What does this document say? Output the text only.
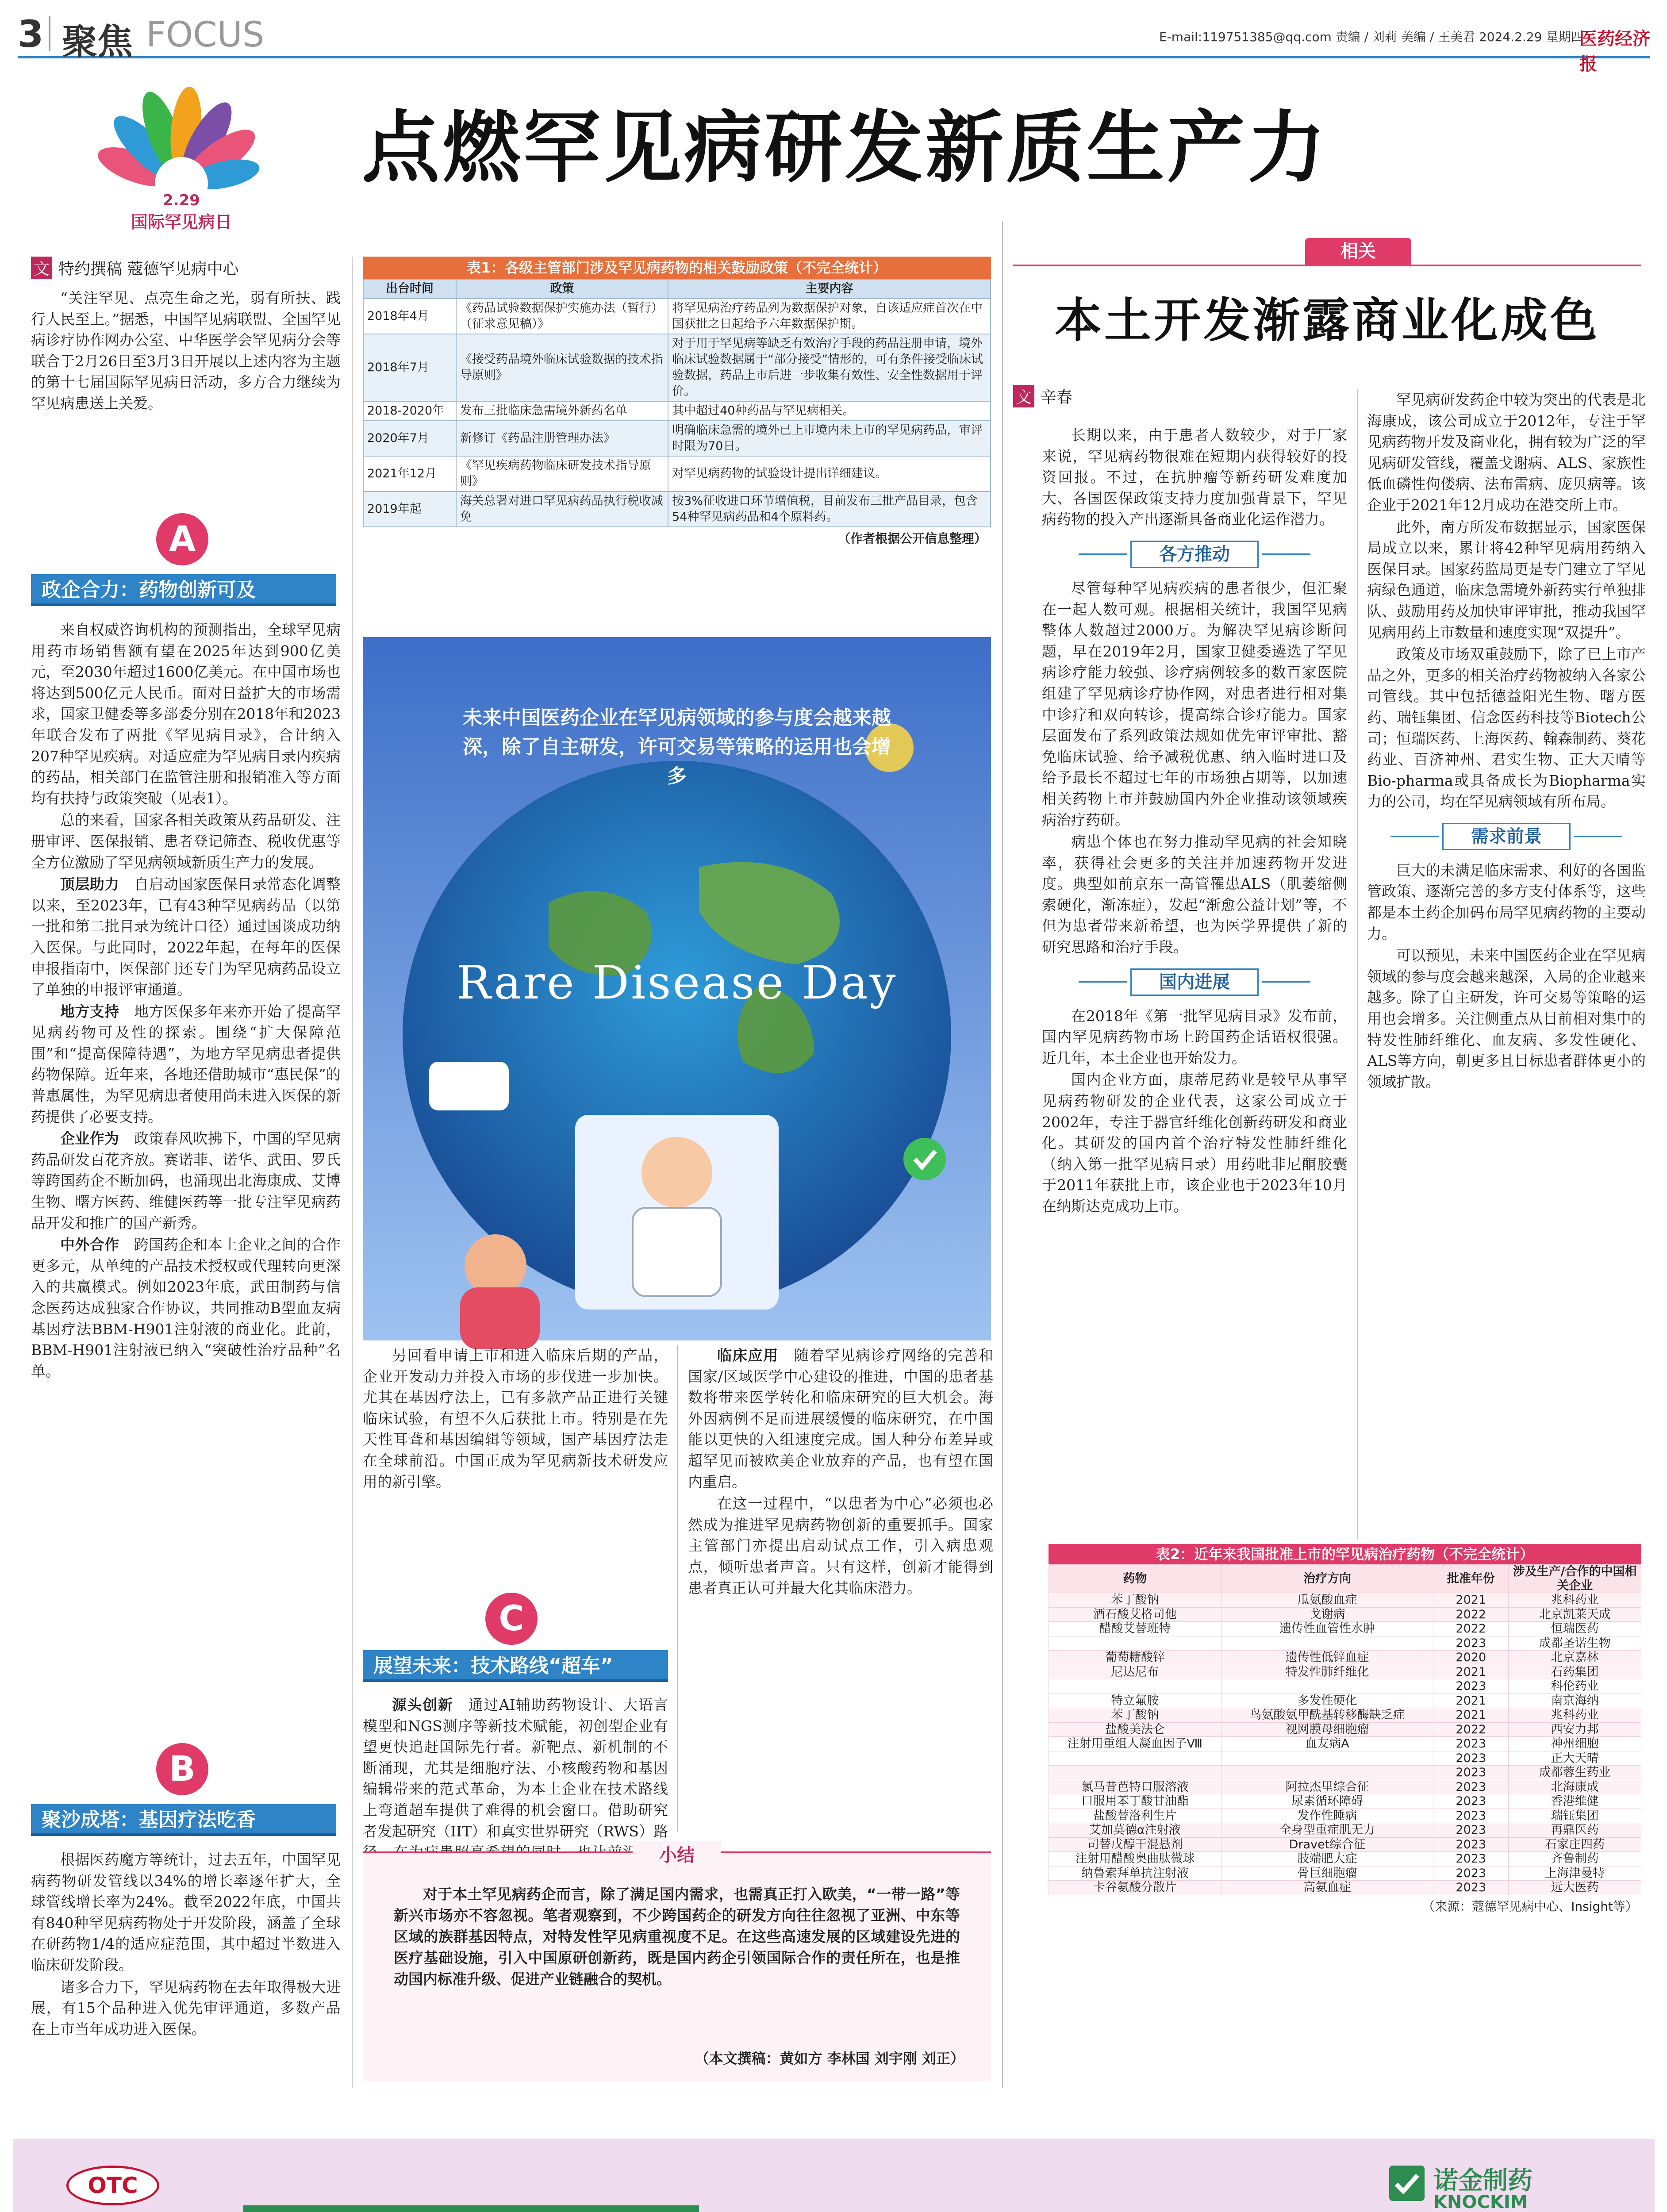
3 聚焦 FOCUS	E-mail:119751385@qq.com 责编 / 刘莉 美编 / 王美君 2024.2.29 星期四
医药经济报
2.29
国际罕见病日
点燃罕见病研发新质生产力
文 特约撰稿 蔻德罕见病中心

“关注罕见、点亮生命之光，弱有所扶、践行人民至上。”据悉，中国罕见病联盟、全国罕见病诊疗协作网办公室、中华医学会罕见病分会等联合于2月26日至3月3日开展以上述内容为主题的第十七届国际罕见病日活动，多方合力继续为罕见病患送上关爱。

A
政企合力：药物创新可及

来自权威咨询机构的预测指出，全球罕见病用药市场销售额有望在2025年达到900亿美元，至2030年超过1600亿美元。在中国市场也将达到500亿元人民币。面对日益扩大的市场需求，国家卫健委等多部委分别在2018年和2023年联合发布了两批《罕见病目录》，合计纳入207种罕见疾病。对适应症为罕见病目录内疾病的药品，相关部门在监管注册和报销准入等方面均有扶持与政策突破（见表1）。

总的来看，国家各相关政策从药品研发、注册审评、医保报销、患者登记筛查、税收优惠等全方位激励了罕见病领域新质生产力的发展。

顶层助力　 自启动国家医保目录常态化调整以来，至2023年，已有43种罕见病药品（以第一批和第二批目录为统计口径）通过国谈成功纳入医保。与此同时，2022年起，在每年的医保申报指南中，医保部门还专门为罕见病药品设立了单独的申报评审通道。

地方支持　 地方医保多年来亦开始了提高罕见病药物可及性的探索。围绕“扩大保障范围”和“提高保障待遇”，为地方罕见病患者提供药物保障。近年来，各地还借助城市“惠民保”的普惠属性，为罕见病患者使用尚未进入医保的新药提供了必要支持。

企业作为　 政策春风吹拂下，中国的罕见病药品研发百花齐放。赛诺菲、诺华、武田、罗氏等跨国药企不断加码，也涌现出北海康成、艾博生物、曙方医药、维健医药等一批专注罕见病药品开发和推广的国产新秀。

中外合作　 跨国药企和本土企业之间的合作更多元，从单纯的产品技术授权或代理转向更深入的共赢模式。例如2023年底，武田制药与信念医药达成独家合作协议，共同推动B型血友病基因疗法BBM-H901注射液的商业化。此前，BBM-H901注射液已纳入“突破性治疗品种”名单。

B
聚沙成塔：基因疗法吃香

根据医药魔方等统计，过去五年，中国罕见病药物研发管线以34%的增长率逐年扩大，全球管线增长率为24%。截至2022年底，中国共有840种罕见病药物处于开发阶段，涵盖了全球在研药物1/4的适应症范围，其中超过半数进入临床研发阶段。

诸多合力下，罕见病药物在去年取得极大进展，有15个品种进入优先审评通道，多数产品在上市当年成功进入医保。

表1：各级主管部门涉及罕见病药物的相关鼓励政策（不完全统计）
出台时间	政策	主要内容
2018年4月	《药品试验数据保护实施办法（暂行）（征求意见稿）》	将罕见病治疗药品列为数据保护对象，自该适应症首次在中国获批之日起给予六年数据保护期。
2018年7月	《接受药品境外临床试验数据的技术指导原则》	对于用于罕见病等缺乏有效治疗手段的药品注册申请，境外临床试验数据属于“部分接受”情形的，可有条件接受临床试验数据，药品上市后进一步收集有效性、安全性数据用于评价。
2018-2020年	发布三批临床急需境外新药名单	其中超过40种药品与罕见病相关。
2020年7月	新修订《药品注册管理办法》	明确临床急需的境外已上市境内未上市的罕见病药品，审评时限为70日。
2021年12月	《罕见疾病药物临床研发技术指导原则》	对罕见病药物的试验设计提出详细建议。
2019年起	海关总署对进口罕见病药品执行税收减免	按3%征收进口环节增值税，目前发布三批产品目录，包含54种罕见病药品和4个原料药。
（作者根据公开信息整理）
未来中国医药企业在罕见病领域的参与度会越来越深，除了自主研发，许可交易等策略的运用也会增多
Rare Disease Day

另回看申请上市和进入临床后期的产品，企业开发动力并投入市场的步伐进一步加快。尤其在基因疗法上，已有多款产品正进行关键临床试验，有望不久后获批上市。特别是在先天性耳聋和基因编辑等领域，国产基因疗法走在全球前沿。中国正成为罕见病新技术研发应用的新引擎。

C
展望未来：技术路线“超车”

源头创新　 通过AI辅助药物设计、大语言模型和NGS测序等新技术赋能，初创型企业有望更快追赶国际先行者。新靶点、新机制的不断涌现，尤其是细胞疗法、小核酸药物和基因编辑带来的范式革命，为本土企业在技术路线上弯道超车提供了难得的机会窗口。借助研究者发起研究（IIT）和真实世界研究（RWS）路

临床应用　 随着罕见病诊疗网络的完善和国家/区域医学中心建设的推进，中国的患者基数将带来医学转化和临床研究的巨大机会。海外因病例不足而进展缓慢的临床研究，在中国能以更快的入组速度完成。国人种分布差异或超罕见而被欧美企业放弃的产品，也有望在国内重启。

在这一过程中，“以患者为中心”必须也必然成为推进罕见病药物创新的重要抓手。国家主管部门亦提出启动试点工作，引入病患观点，倾听患者声音。只有这样，创新才能得到患者真正认可并最大化其临床潜力。

小结
对于本土罕见病药企而言，除了满足国内需求，也需真正打入欧美，“一带一路”等新兴市场亦不容忽视。笔者观察到，不少跨国药企的研发方向往往忽视了亚洲、中东等区域的族群基因特点，对特发性罕见病重视度不足。在这些高速发展的区域建设先进的医疗基础设施，引入中国原研创新药，既是国内药企引领国际合作的责任所在，也是推动国内标准升级、促进产业链融合的契机。
（本文撰稿：黄如方 李林国 刘宇刚 刘正）
相关
本土开发渐露商业化成色
文 辛春

长期以来，由于患者人数较少，对于厂家来说，罕见病药物很难在短期内获得较好的投资回报。不过，在抗肿瘤等新药研发难度加大、各国医保政策支持力度加强背景下，罕见病药物的投入产出逐渐具备商业化运作潜力。

各方推动

尽管每种罕见病疾病的患者很少，但汇聚在一起人数可观。根据相关统计，我国罕见病整体人数超过2000万。为解决罕见病诊断问题，早在2019年2月，国家卫健委遴选了罕见病诊疗能力较强、诊疗病例较多的数百家医院组建了罕见病诊疗协作网，对患者进行相对集中诊疗和双向转诊，提高综合诊疗能力。国家层面发布了系列政策法规如优先审评审批、豁免临床试验、给予减税优惠、纳入临时进口及给予最长不超过七年的市场独占期等，以加速相关药物上市并鼓励国内外企业推动该领域疾病治疗药研。

病患个体也在努力推动罕见病的社会知晓率，获得社会更多的关注并加速药物开发进度。典型如前京东一高管罹患ALS（肌萎缩侧索硬化，渐冻症），发起“渐愈公益计划”等，不但为患者带来新希望，也为医学界提供了新的研究思路和治疗手段。

国内进展

在2018年《第一批罕见病目录》发布前，国内罕见病药物市场上跨国药企话语权很强。近几年，本土企业也开始发力。

国内企业方面，康蒂尼药业是较早从事罕见病药物研发的企业代表，这家公司成立于2002年，专注于器官纤维化创新药研发和商业化。其研发的国内首个治疗特发性肺纤维化（纳入第一批罕见病目录）用药吡非尼酮胶囊于2011年获批上市，该企业也于2023年10月在纳斯达克成功上市。

罕见病研发药企中较为突出的代表是北海康成，该公司成立于2012年，专注于罕见病药物开发及商业化，拥有较为广泛的罕见病研发管线，覆盖戈谢病、ALS、家族性低血磷性佝偻病、法布雷病、庞贝病等。该企业于2021年12月成功在港交所上市。

此外，南方所发布数据显示，国家医保局成立以来，累计将42种罕见病用药纳入医保目录。国家药监局更是专门建立了罕见病绿色通道，临床急需境外新药实行单独排队、鼓励用药及加快审评审批，推动我国罕见病用药上市数量和速度实现“双提升”。

政策及市场双重鼓励下，除了已上市产品之外，更多的相关治疗药物被纳入各家公司管线。其中包括德益阳光生物、曙方医药、瑞钰集团、信念医药科技等Biotech公司；恒瑞医药、上海医药、翰森制药、葵花药业、百济神州、君实生物、正大天晴等Bio-pharma或具备成长为Biopharma实力的公司，均在罕见病领域有所布局。

需求前景

巨大的未满足临床需求、利好的各国监管政策、逐渐完善的多方支付体系等，这些都是本土药企加码布局罕见病药物的主要动力。

可以预见，未来中国医药企业在罕见病领域的参与度会越来越深，入局的企业越来越多。除了自主研发，许可交易等策略的运用也会增多。关注侧重点从目前相对集中的特发性肺纤维化、血友病、多发性硬化、ALS等方向，朝更多且目标患者群体更小的领域扩散。

表2：近年来我国批准上市的罕见病治疗药物（不完全统计）
药物	治疗方向	批准年份	涉及生产/合作的中国相关企业
苯丁酸钠	瓜氨酸血症	2021	兆科药业
酒石酸艾格司他	戈谢病	2022	北京凯莱天成
醋酸艾替班特	遗传性血管性水肿	2022	恒瑞医药
		2023	成都圣诺生物
葡萄糖酸锌	遗传性低锌血症	2020	北京嘉林
尼达尼布	特发性肺纤维化	2021	石药集团
		2023	科伦药业
特立氟胺	多发性硬化	2021	南京海纳
苯丁酸钠	鸟氨酸氨甲酰基转移酶缺乏症	2021	兆科药业
盐酸美法仑	视网膜母细胞瘤	2022	西安力邦
注射用重组人凝血因子Ⅷ	血友病A	2023	神州细胞
		2023	正大天晴
		2023	成都蓉生药业
氯马昔芭特口服溶液	阿拉杰里综合征	2023	北海康成
口服用苯丁酸甘油酯	尿素循环障碍	2023	香港维健
盐酸替洛利生片	发作性睡病	2023	瑞钰集团
艾加莫德α注射液	全身型重症肌无力	2023	再鼎医药
司替戊醇干混悬剂	Dravet综合征	2023	石家庄四药
注射用醋酸奥曲肽微球	肢端肥大症	2023	齐鲁制药
纳鲁索拜单抗注射液	骨巨细胞瘤	2023	上海津曼特
卡谷氨酸分散片	高氨血症	2023	远大医药
（来源：蔻德罕见病中心、Insight等）
OTC	诺金制药
KNOCKIM
